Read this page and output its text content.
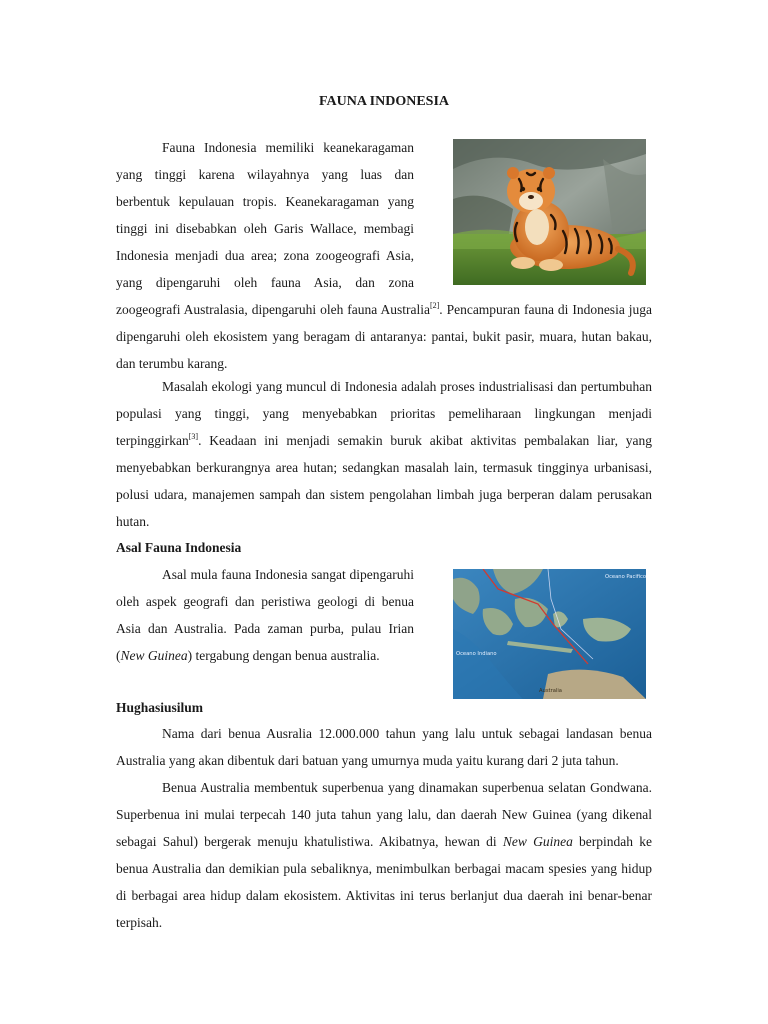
FAUNA INDONESIA

Fauna Indonesia memiliki keanekaragaman yang tinggi karena wilayahnya yang luas dan berbentuk kepulauan tropis. Keanekaragaman yang tinggi ini disebabkan oleh Garis Wallace, membagi Indonesia menjadi dua area; zona zoogeografi Asia, yang dipengaruhi oleh fauna Asia, dan zona zoogeografi Australasia, dipengaruhi oleh fauna Australia[2]. Pencampuran fauna di Indonesia juga dipengaruhi oleh ekosistem yang beragam di antaranya: pantai, bukit pasir, muara, hutan bakau, dan terumbu karang.

Masalah ekologi yang muncul di Indonesia adalah proses industrialisasi dan pertumbuhan populasi yang tinggi, yang menyebabkan prioritas pemeliharaan lingkungan menjadi terpinggirkan[3]. Keadaan ini menjadi semakin buruk akibat aktivitas pembalakan liar, yang menyebabkan berkurangnya area hutan; sedangkan masalah lain, termasuk tingginya urbanisasi, polusi udara, manajemen sampah dan sistem pengolahan limbah juga berperan dalam perusakan hutan.

Asal Fauna Indonesia
Oceano Pacifico
Oceano Indiano
Australia

Asal mula fauna Indonesia sangat dipengaruhi oleh aspek geografi dan peristiwa geologi di benua Asia dan Australia. Pada zaman purba, pulau Irian (New Guinea) tergabung dengan benua australia.

Hughasiusilum

Nama dari benua Ausralia 12.000.000 tahun yang lalu untuk sebagai landasan benua Australia yang akan dibentuk dari batuan yang umurnya muda yaitu kurang dari 2 juta tahun.

Benua Australia membentuk superbenua yang dinamakan superbenua selatan Gondwana. Superbenua ini mulai terpecah 140 juta tahun yang lalu, dan daerah New Guinea (yang dikenal sebagai Sahul) bergerak menuju khatulistiwa. Akibatnya, hewan di New Guinea berpindah ke benua Australia dan demikian pula sebaliknya, menimbulkan berbagai macam spesies yang hidup di berbagai area hidup dalam ekosistem. Aktivitas ini terus berlanjut dua daerah ini benar-benar terpisah.
